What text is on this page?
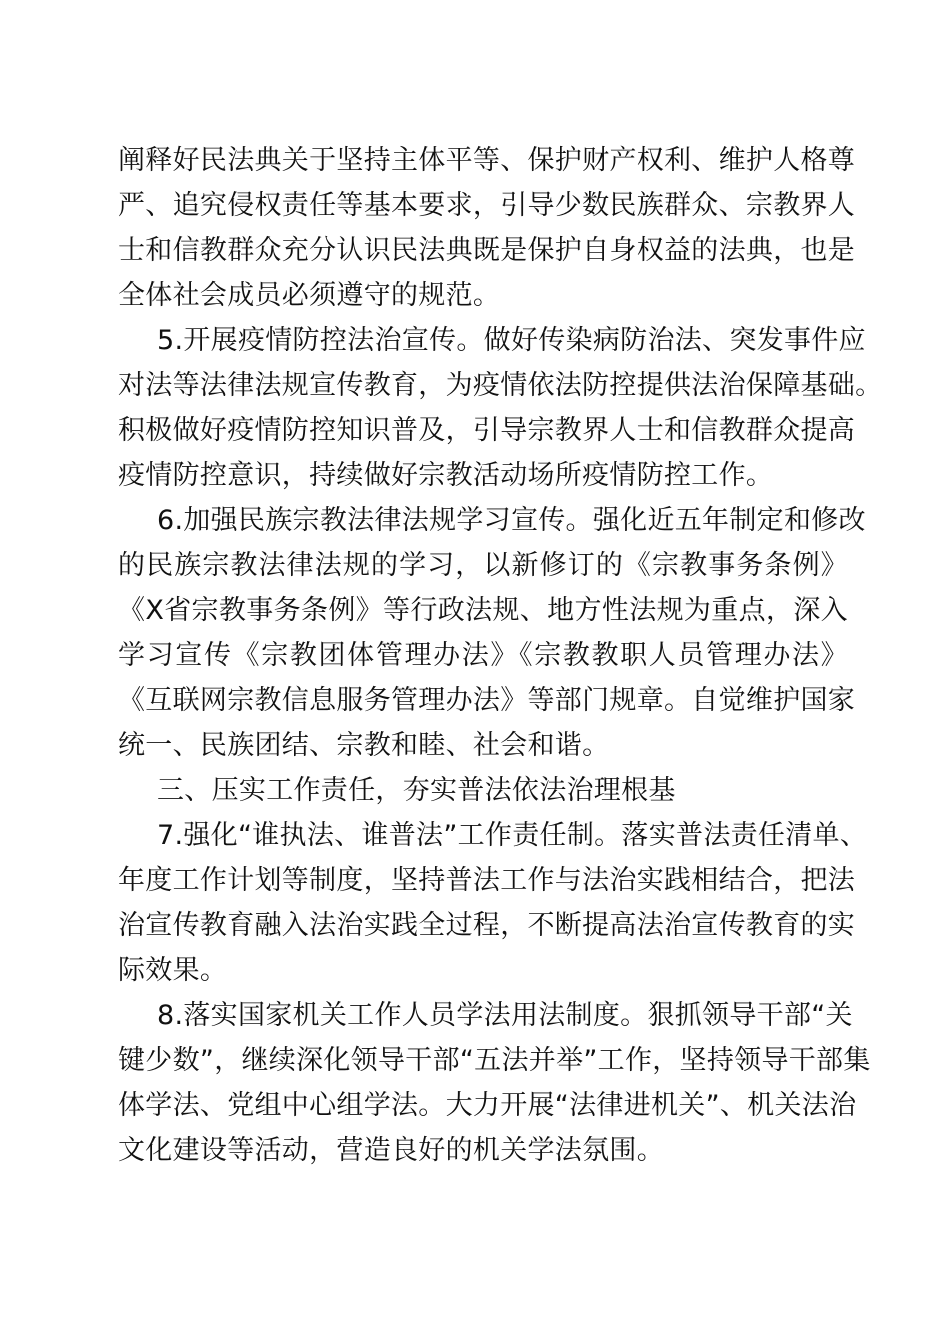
阐释好民法典关于坚持主体平等、保护财产权利、维护人格尊
严、追究侵权责任等基本要求，引导少数民族群众、宗教界人
士和信教群众充分认识民法典既是保护自身权益的法典，也是
全体社会成员必须遵守的规范。
5.开展疫情防控法治宣传。做好传染病防治法、突发事件应
对法等法律法规宣传教育，为疫情依法防控提供法治保障基础。
积极做好疫情防控知识普及，引导宗教界人士和信教群众提高
疫情防控意识，持续做好宗教活动场所疫情防控工作。
6.加强民族宗教法律法规学习宣传。强化近五年制定和修改
的民族宗教法律法规的学习，以新修订的《宗教事务条例》
《X省宗教事务条例》等行政法规、地方性法规为重点，深入
学习宣传《宗教团体管理办法》《宗教教职人员管理办法》
《互联网宗教信息服务管理办法》等部门规章。自觉维护国家
统一、民族团结、宗教和睦、社会和谐。
三、压实工作责任，夯实普法依法治理根基
7.强化“谁执法、谁普法”工作责任制。落实普法责任清单、
年度工作计划等制度，坚持普法工作与法治实践相结合，把法
治宣传教育融入法治实践全过程，不断提高法治宣传教育的实
际效果。
8.落实国家机关工作人员学法用法制度。狠抓领导干部“关
键少数”，继续深化领导干部“五法并举”工作，坚持领导干部集
体学法、党组中心组学法。大力开展“法律进机关”、机关法治
文化建设等活动，营造良好的机关学法氛围。
